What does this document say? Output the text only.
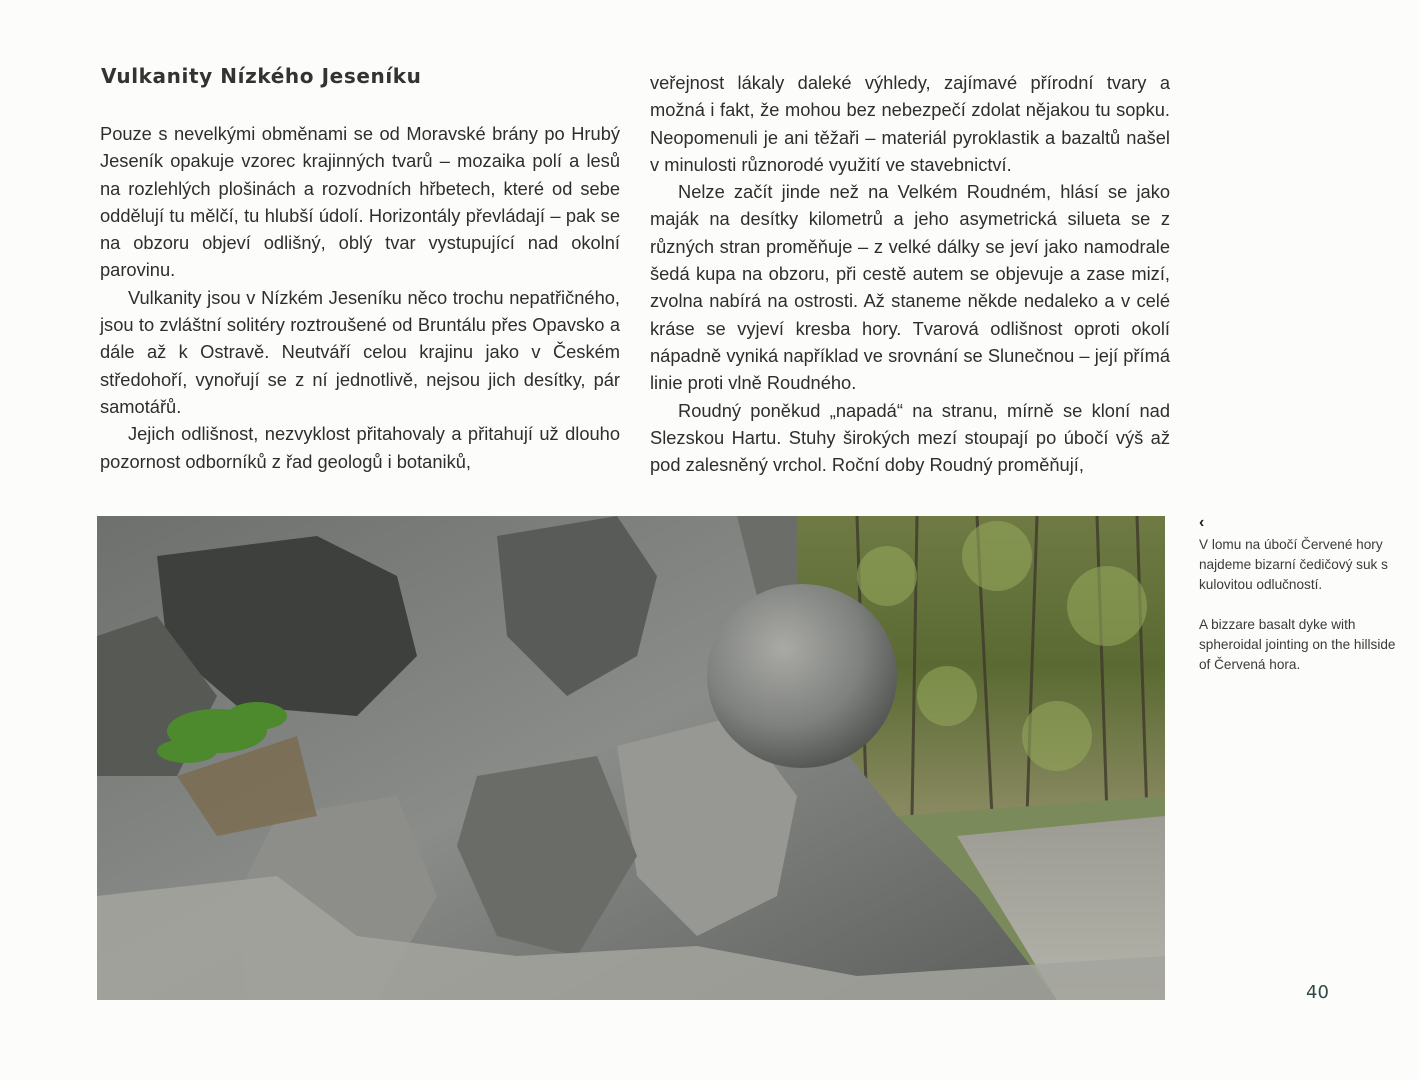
Vulkanity Nízkého Jeseníku

Pouze s nevelkými obměnami se od Moravské brány po Hrubý Jeseník opakuje vzorec krajinných tvarů – mozaika polí a lesů na rozlehlých plošinách a rozvodních hřbetech, které od sebe oddělují tu mělčí, tu hlubší údolí. Horizontály převládají – pak se na obzoru objeví odlišný, oblý tvar vystupující nad okolní parovinu.

Vulkanity jsou v Nízkém Jeseníku něco trochu nepatřičného, jsou to zvláštní solitéry roztroušené od Bruntálu přes Opavsko a dále až k Ostravě. Neutváří celou krajinu jako v Českém středohoří, vynořují se z ní jednotlivě, nejsou jich desítky, pár samotářů.

Jejich odlišnost, nezvyklost přitahovaly a přitahují už dlouho pozornost odborníků z řad geologů i botaniků,

veřejnost lákaly daleké výhledy, zajímavé přírodní tvary a možná i fakt, že mohou bez nebezpečí zdolat nějakou tu sopku. Neopomenuli je ani těžaři – materiál pyroklastik a bazaltů našel v minulosti různorodé využití ve stavebnictví.

Nelze začít jinde než na Velkém Roudném, hlásí se jako maják na desítky kilometrů a jeho asymetrická silueta se z různých stran proměňuje – z velké dálky se jeví jako namodrale šedá kupa na obzoru, při cestě autem se objevuje a zase mizí, zvolna nabírá na ostrosti. Až staneme někde nedaleko a v celé kráse se vyjeví kresba hory. Tvarová odlišnost oproti okolí nápadně vyniká například ve srovnání se Slunečnou – její přímá linie proti vlně Roudného.

Roudný poněkud „napadá“ na stranu, mírně se kloní nad Slezskou Hartu. Stuhy širokých mezí stoupají po úbočí výš až pod zalesněný vrchol. Roční doby Roudný proměňují,

‹

V lomu na úbočí Červené hory najdeme bizarní čedičový suk s kulovitou odlučností.

A bizzare basalt dyke with spheroidal jointing on the hillside of Červená hora.

40
